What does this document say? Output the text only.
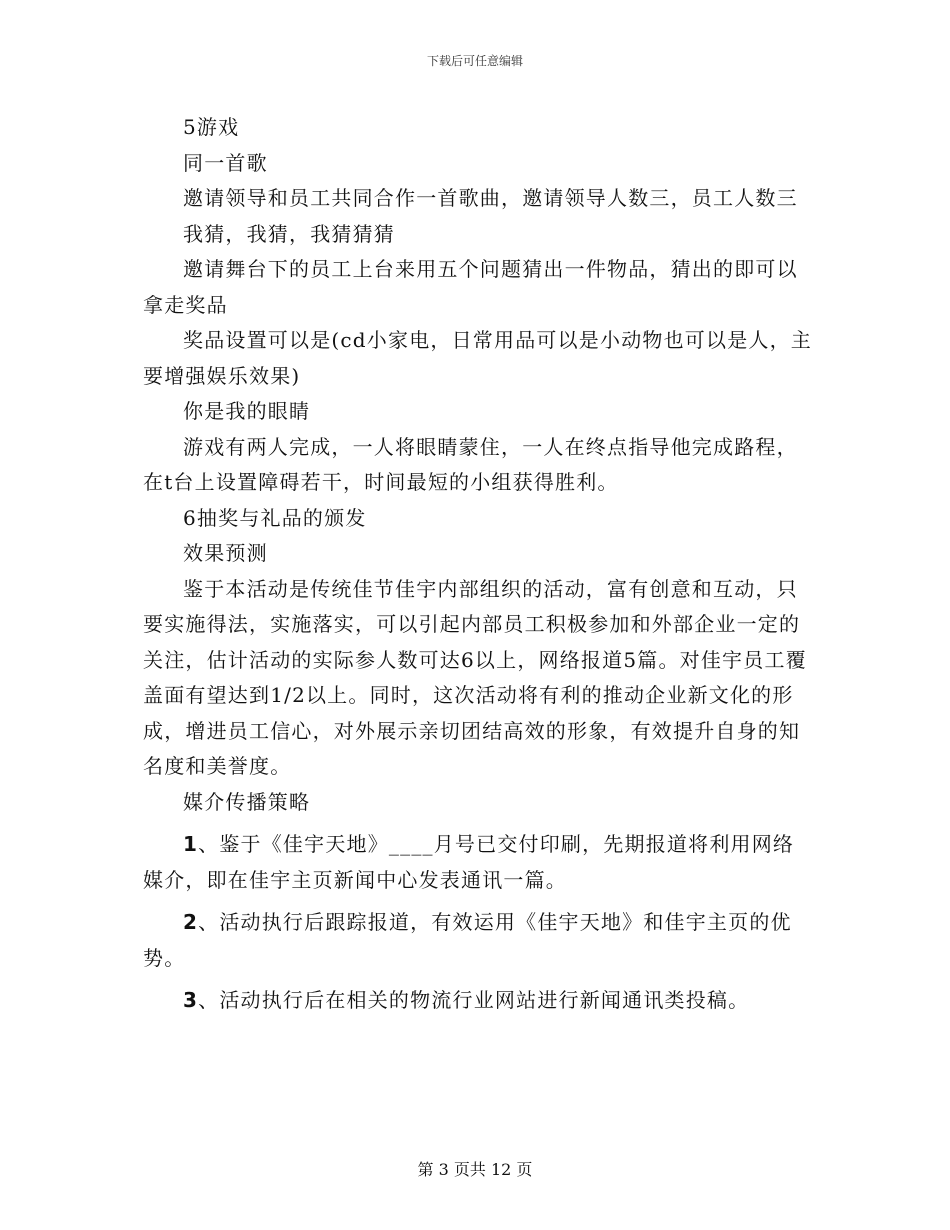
下载后可任意编辑

5游戏

同一首歌

邀请领导和员工共同合作一首歌曲，邀请领导人数三，员工人数三

我猜，我猜，我猜猜猜

邀请舞台下的员工上台来用五个问题猜出一件物品，猜出的即可以拿走奖品

奖品设置可以是(cd小家电，日常用品可以是小动物也可以是人，主要增强娱乐效果)

你是我的眼睛

游戏有两人完成，一人将眼睛蒙住，一人在终点指导他完成路程，在t台上设置障碍若干，时间最短的小组获得胜利。

6抽奖与礼品的颁发

效果预测

鉴于本活动是传统佳节佳宇内部组织的活动，富有创意和互动，只要实施得法，实施落实，可以引起内部员工积极参加和外部企业一定的关注，估计活动的实际参人数可达6以上，网络报道5篇。对佳宇员工覆盖面有望达到1/2以上。同时，这次活动将有利的推动企业新文化的形成，增进员工信心，对外展示亲切团结高效的形象，有效提升自身的知名度和美誉度。

媒介传播策略

1、鉴于《佳宇天地》____月号已交付印刷，先期报道将利用网络媒介，即在佳宇主页新闻中心发表通讯一篇。

2、活动执行后跟踪报道，有效运用《佳宇天地》和佳宇主页的优势。

3、活动执行后在相关的物流行业网站进行新闻通讯类投稿。

第 3 页共 12 页
